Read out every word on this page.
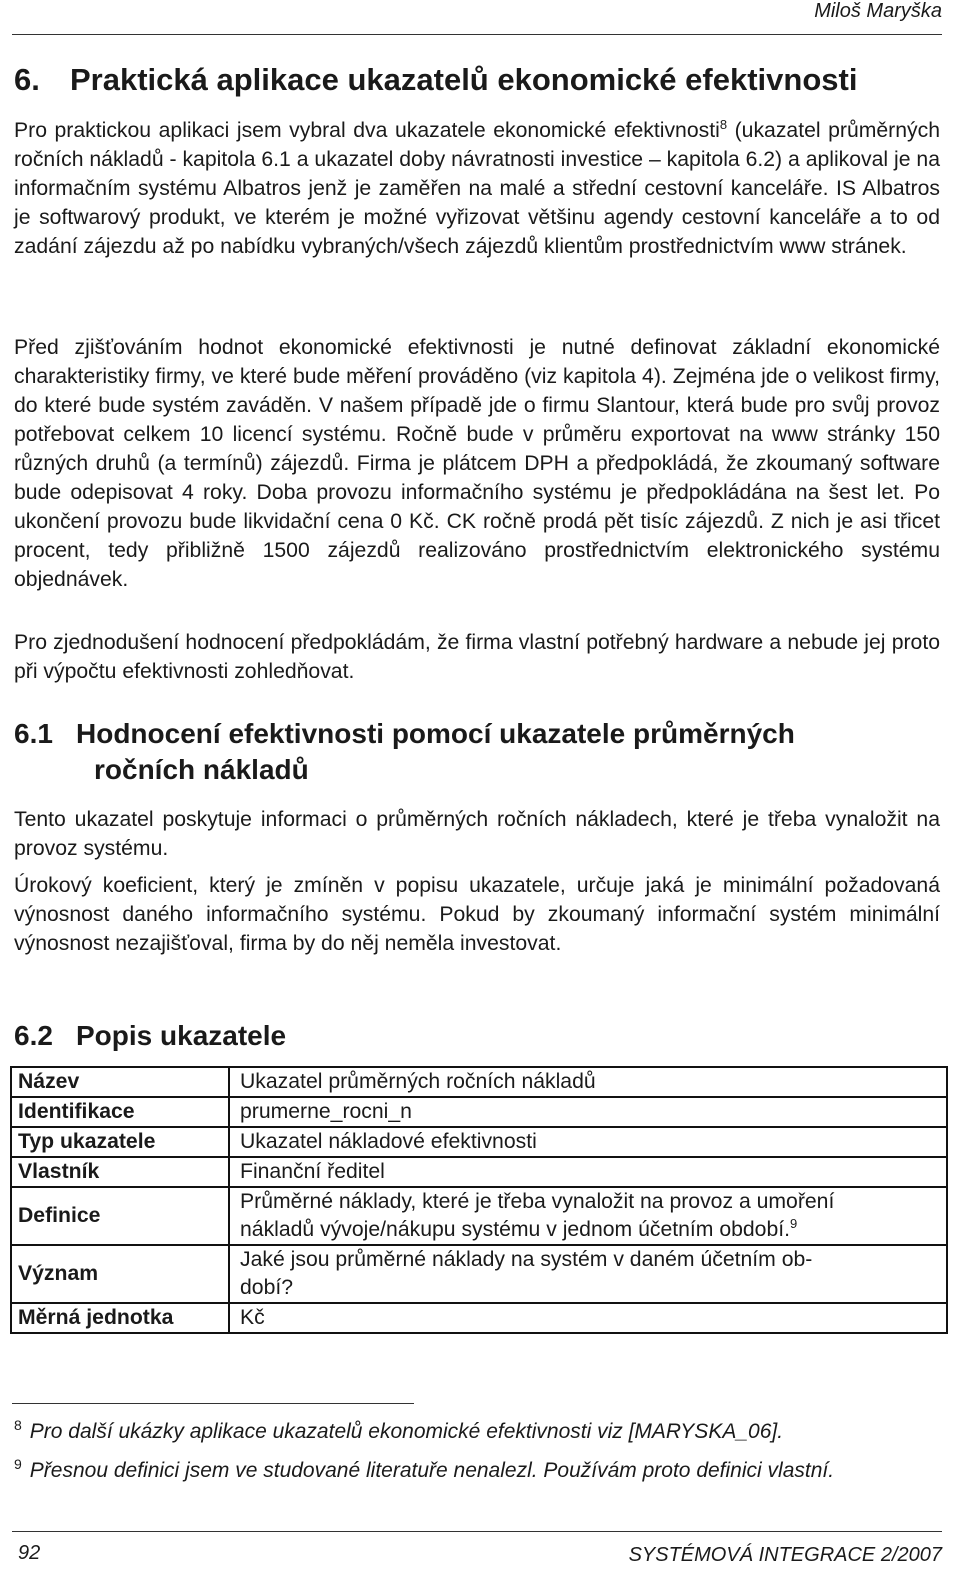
Miloš Maryška
6. Praktická aplikace ukazatelů ekonomické efektivnosti

Pro praktickou aplikaci jsem vybral dva ukazatele ekonomické efektivnosti$^8$ (ukazatel průměrných ročních nákladů - kapitola 6.1 a ukazatel doby návratnosti investice – kapitola 6.2) a aplikoval je na informačním systému Albatros jenž je zaměřen na malé a střední cestovní kanceláře. IS Albatros je softwarový produkt, ve kterém je možné vyřizovat většinu agendy cestovní kanceláře a to od zadání zájezdu až po nabídku vybraných/všech zájezdů klientům prostřednictvím www stránek.

Před zjišťováním hodnot ekonomické efektivnosti je nutné definovat základní ekonomické charakteristiky firmy, ve které bude měření prováděno (viz kapitola 4). Zejména jde o velikost firmy, do které bude systém zaváděn. V našem případě jde o firmu Slantour, která bude pro svůj provoz potřebovat celkem 10 licencí systému. Ročně bude v průměru exportovat na www stránky 150 různých druhů (a termínů) zájezdů. Firma je plátcem DPH a předpokládá, že zkoumaný software bude odepisovat 4 roky. Doba provozu informačního systému je předpokládána na šest let. Po ukončení provozu bude likvidační cena 0 Kč. CK ročně prodá pět tisíc zájezdů. Z nich je asi třicet procent, tedy přibližně 1500 zájezdů realizováno prostřednictvím elektronického systému objednávek.

Pro zjednodušení hodnocení předpokládám, že firma vlastní potřebný hardware a nebude jej proto při výpočtu efektivnosti zohledňovat.

6.1 Hodnocení efektivnosti pomocí ukazatele průměrných
ročních nákladů

Tento ukazatel poskytuje informaci o průměrných ročních nákladech, které je třeba vynaložit na provoz systému.

Úrokový koeficient, který je zmíněn v popisu ukazatele, určuje jaká je minimální požadovaná výnosnost daného informačního systému. Pokud by zkoumaný informační systém minimální výnosnost nezajišťoval, firma by do něj neměla investovat.

6.2 Popis ukazatele
Název	Ukazatel průměrných ročních nákladů
Identifikace	prumerne_rocni_n
Typ ukazatele	Ukazatel nákladové efektivnosti
Vlastník	Finanční ředitel
Definice	Průměrné náklady, které je třeba vynaložit na provoz a umoření
nákladů vývoje/nákupu systému v jednom účetním období.$^9$
Význam	Jaké jsou průměrné náklady na systém v daném účetním ob-
dobí?
Měrná jednotka	Kč

$^8$ Pro další ukázky aplikace ukazatelů ekonomické efektivnosti viz [MARYSKA_06].

$^9$ Přesnou definici jsem ve studované literatuře nenalezl. Používám proto definici vlastní.

92	SYSTÉMOVÁ INTEGRACE 2/2007
